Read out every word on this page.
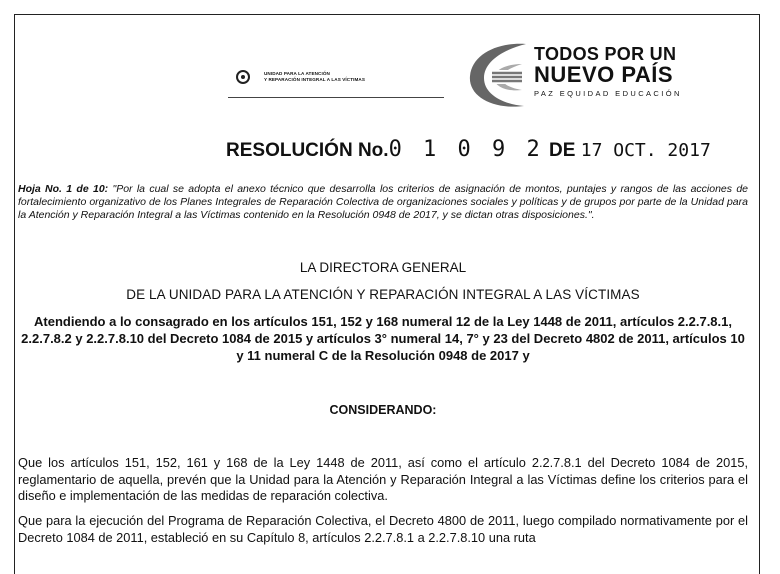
UNIDAD PARA LA ATENCIÓN
Y REPARACIÓN INTEGRAL A LAS VÍCTIMAS
TODOS POR UN
NUEVO PAÍS
PAZ EQUIDAD EDUCACIÓN
RESOLUCIÓN No.0 1 0 9 2 DE 17 OCT. 2017
Hoja No. 1 de 10: "Por la cual se adopta el anexo técnico que desarrolla los criterios de asignación de montos, puntajes y rangos de las acciones de fortalecimiento organizativo de los Planes Integrales de Reparación Colectiva de organizaciones sociales y políticas y de grupos por parte de la Unidad para la Atención y Reparación Integral a las Víctimas contenido en la Resolución 0948 de 2017, y se dictan otras disposiciones.".
LA DIRECTORA GENERAL
DE LA UNIDAD PARA LA ATENCIÓN Y REPARACIÓN INTEGRAL A LAS VÍCTIMAS
Atendiendo a lo consagrado en los artículos 151, 152 y 168 numeral 12 de la Ley 1448 de 2011, artículos 2.2.7.8.1, 2.2.7.8.2 y 2.2.7.8.10 del Decreto 1084 de 2015 y artículos 3° numeral 14, 7° y 23 del Decreto 4802 de 2011, artículos 10 y 11 numeral C de la Resolución 0948 de 2017 y
CONSIDERANDO:
Que los artículos 151, 152, 161 y 168 de la Ley 1448 de 2011, así como el artículo 2.2.7.8.1 del Decreto 1084 de 2015, reglamentario de aquella, prevén que la Unidad para la Atención y Reparación Integral a las Víctimas define los criterios para el diseño e implementación de las medidas de reparación colectiva.
Que para la ejecución del Programa de Reparación Colectiva, el Decreto 4800 de 2011, luego compilado normativamente por el Decreto 1084 de 2011, estableció en su Capítulo 8, artículos 2.2.7.8.1 a 2.2.7.8.10 una ruta
